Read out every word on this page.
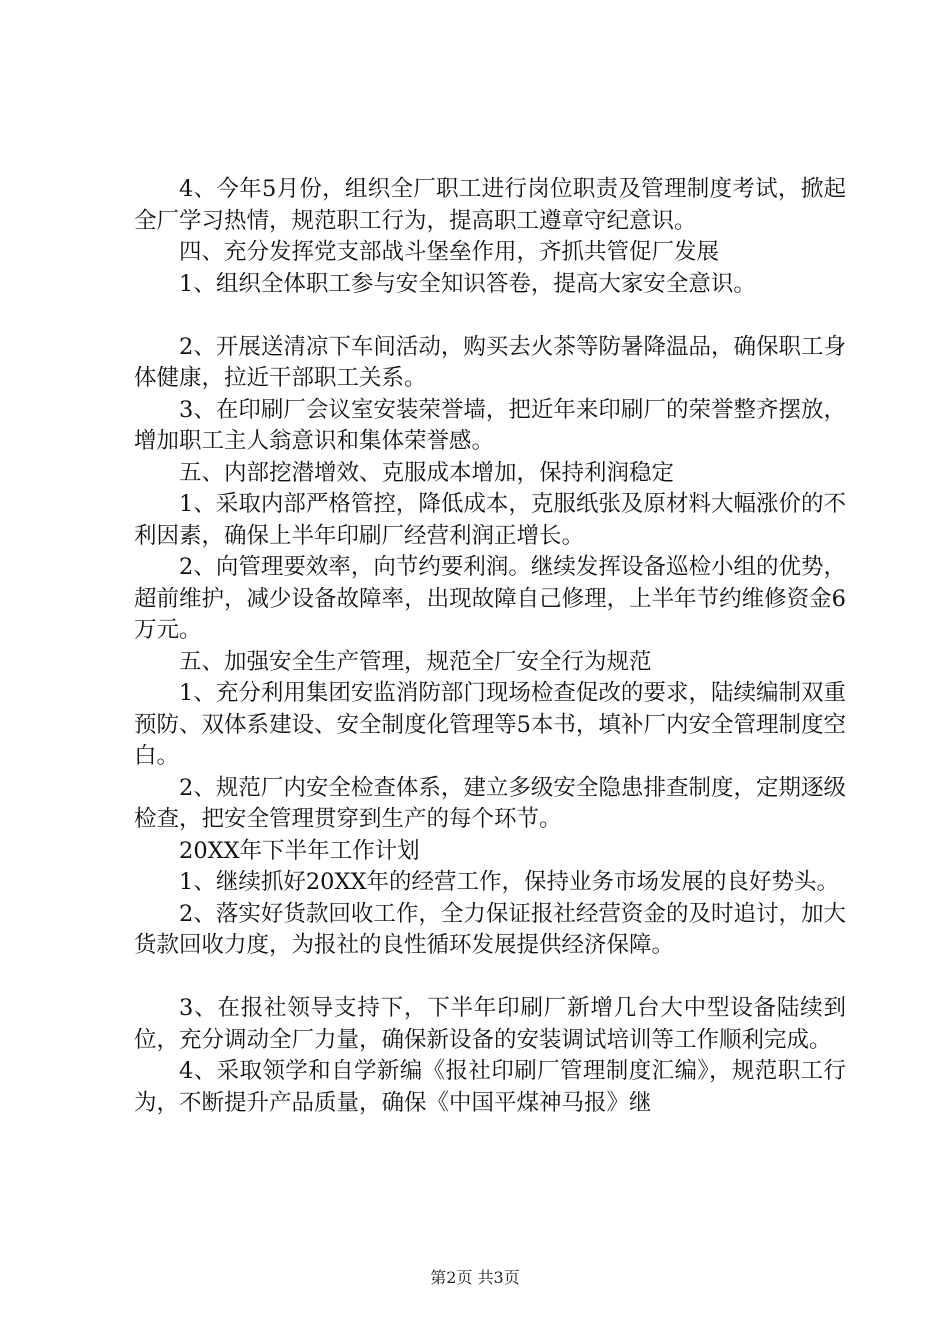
4、今年5月份，组织全厂职工进行岗位职责及管理制度考试，掀起全厂学习热情，规范职工行为，提高职工遵章守纪意识。

四、充分发挥党支部战斗堡垒作用，齐抓共管促厂发展

1、组织全体职工参与安全知识答卷，提高大家安全意识。

2、开展送清凉下车间活动，购买去火茶等防暑降温品，确保职工身体健康，拉近干部职工关系。

3、在印刷厂会议室安装荣誉墙，把近年来印刷厂的荣誉整齐摆放，增加职工主人翁意识和集体荣誉感。

五、内部挖潜增效、克服成本增加，保持利润稳定

1、采取内部严格管控，降低成本，克服纸张及原材料大幅涨价的不利因素，确保上半年印刷厂经营利润正增长。

2、向管理要效率，向节约要利润。继续发挥设备巡检小组的优势，超前维护，减少设备故障率，出现故障自己修理，上半年节约维修资金6万元。

五、加强安全生产管理，规范全厂安全行为规范

1、充分利用集团安监消防部门现场检查促改的要求，陆续编制双重预防、双体系建设、安全制度化管理等5本书，填补厂内安全管理制度空白。

2、规范厂内安全检查体系，建立多级安全隐患排查制度，定期逐级检查，把安全管理贯穿到生产的每个环节。

20XX年下半年工作计划

1、继续抓好20XX年的经营工作，保持业务市场发展的良好势头。

2、落实好货款回收工作，全力保证报社经营资金的及时追讨，加大货款回收力度，为报社的良性循环发展提供经济保障。

3、在报社领导支持下，下半年印刷厂新增几台大中型设备陆续到位，充分调动全厂力量，确保新设备的安装调试培训等工作顺利完成。

4、采取领学和自学新编《报社印刷厂管理制度汇编》，规范职工行为，不断提升产品质量，确保《中国平煤神马报》继

第2页 共3页
